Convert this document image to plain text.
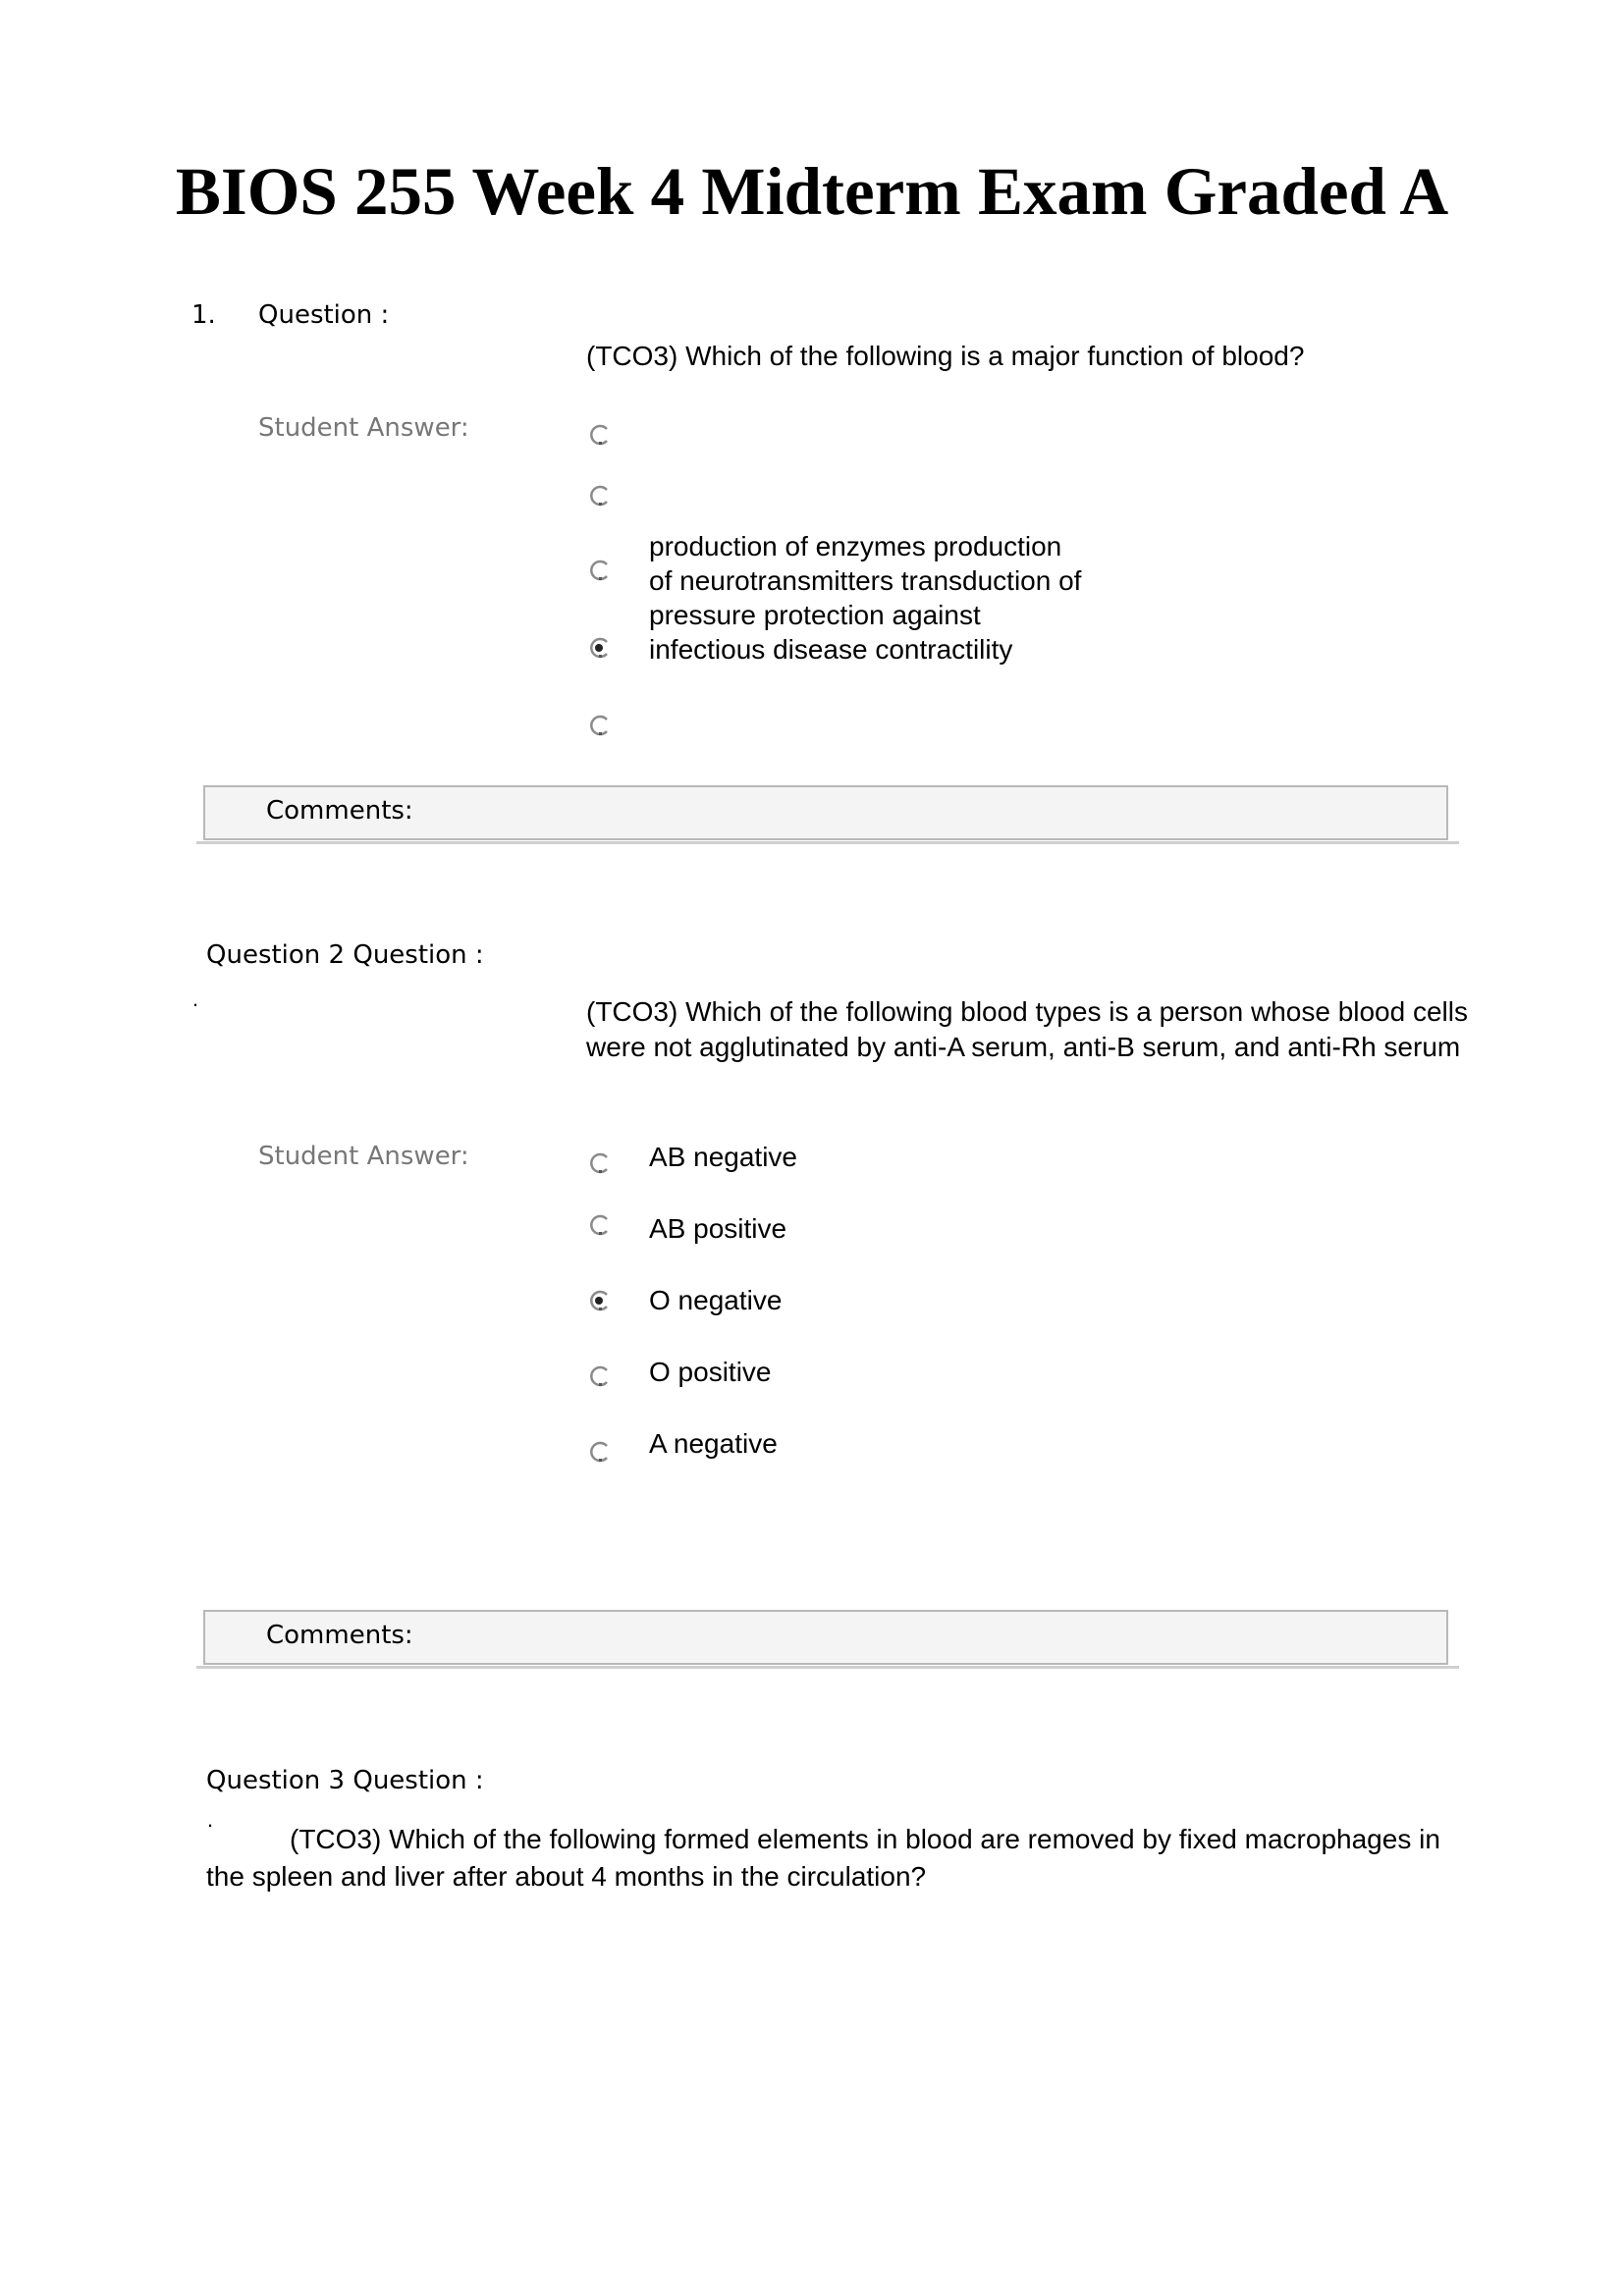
BIOS 255 Week 4 Midterm Exam Graded A
1. Question :
(TCO3) Which of the following is a major function of blood?
Student Answer:
production of enzymes production
of neurotransmitters transduction of
pressure protection against
infectious disease contractility
Comments:
Question 2 Question :
.	(TCO3) Which of the following blood types is a person whose blood cells were not agglutinated by anti-A serum, anti-B serum, and anti-Rh serum
Student Answer:	AB negative
AB positive
O negative
O positive
A negative
Comments:
Question 3 Question :
.
(TCO3) Which of the following formed elements in blood are removed by fixed macrophages in the spleen and liver after about 4 months in the circulation?
